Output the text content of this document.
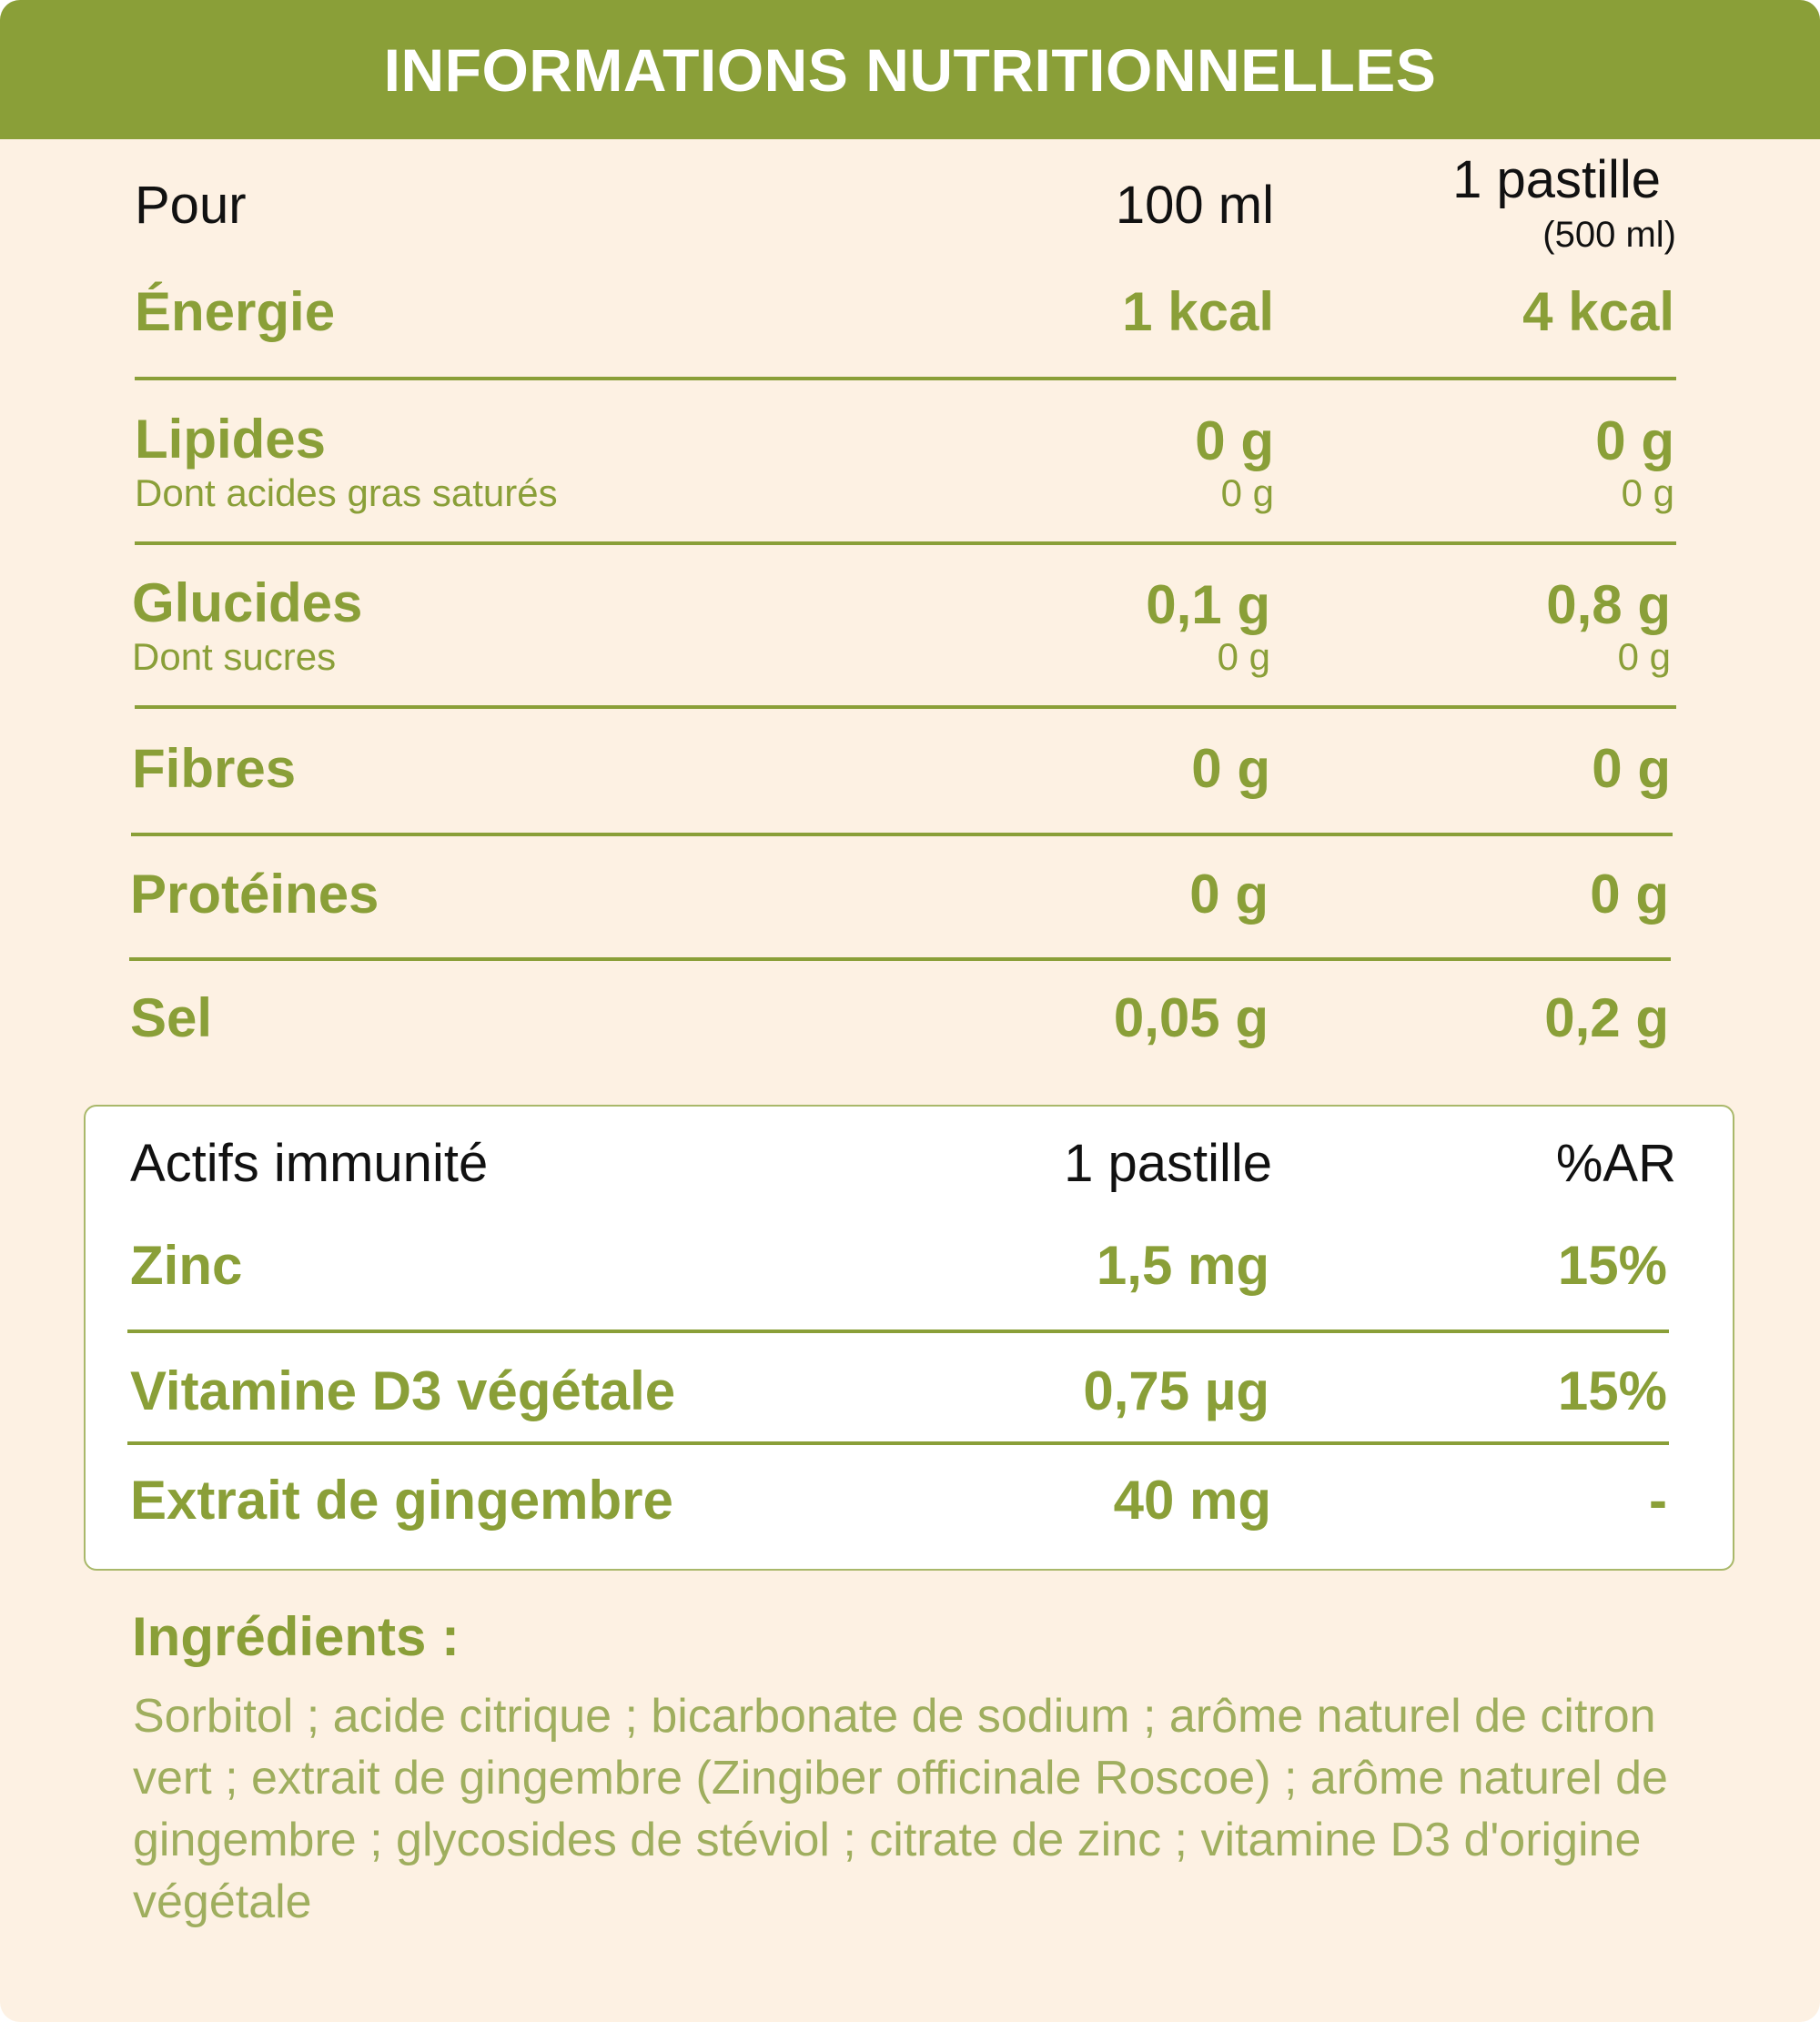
INFORMATIONS NUTRITIONNELLES
Pour	100 ml	1 pastille
(500 ml)
Énergie	1 kcal	4 kcal
Lipides	0 g	0 g
Dont acides gras saturés	0 g	0 g
Glucides	0,1 g	0,8 g
Dont sucres	0 g	0 g
Fibres	0 g	0 g
Protéines	0 g	0 g
Sel	0,05 g	0,2 g
Actifs immunité	1 pastille	%AR
Zinc	1,5 mg	15%
Vitamine D3 végétale	0,75 µg	15%
Extrait de gingembre	40 mg	-
Ingrédients :
Sorbitol ; acide citrique ; bicarbonate de sodium ; arôme naturel de citron vert ; extrait de gingembre (Zingiber officinale Roscoe) ; arôme naturel de gingembre ; glycosides de stéviol ; citrate de zinc ; vitamine D3 d'origine végétale
